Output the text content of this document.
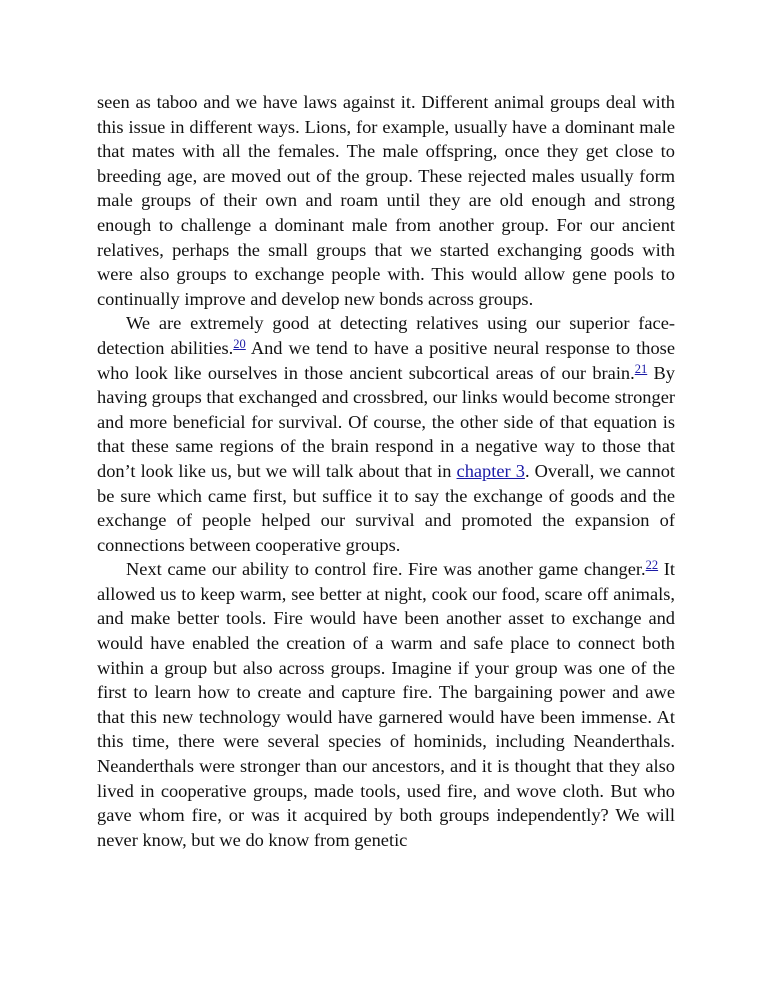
seen as taboo and we have laws against it. Different animal groups deal with this issue in different ways. Lions, for example, usually have a dominant male that mates with all the females. The male offspring, once they get close to breeding age, are moved out of the group. These rejected males usually form male groups of their own and roam until they are old enough and strong enough to challenge a dominant male from another group. For our ancient relatives, perhaps the small groups that we started exchanging goods with were also groups to exchange people with. This would allow gene pools to continually improve and develop new bonds across groups.

We are extremely good at detecting relatives using our superior face-detection abilities.$^{20}$ And we tend to have a positive neural response to those who look like ourselves in those ancient subcortical areas of our brain.$^{21}$ By having groups that exchanged and crossbred, our links would become stronger and more beneficial for survival. Of course, the other side of that equation is that these same regions of the brain respond in a negative way to those that don’t look like us, but we will talk about that in chapter 3. Overall, we cannot be sure which came first, but suffice it to say the exchange of goods and the exchange of people helped our survival and promoted the expansion of connections between cooperative groups.

Next came our ability to control fire. Fire was another game changer.$^{22}$ It allowed us to keep warm, see better at night, cook our food, scare off animals, and make better tools. Fire would have been another asset to exchange and would have enabled the creation of a warm and safe place to connect both within a group but also across groups. Imagine if your group was one of the first to learn how to create and capture fire. The bargaining power and awe that this new technology would have garnered would have been immense. At this time, there were several species of hominids, including Neanderthals. Neanderthals were stronger than our ancestors, and it is thought that they also lived in cooperative groups, made tools, used fire, and wove cloth. But who gave whom fire, or was it acquired by both groups independently? We will never know, but we do know from genetic
